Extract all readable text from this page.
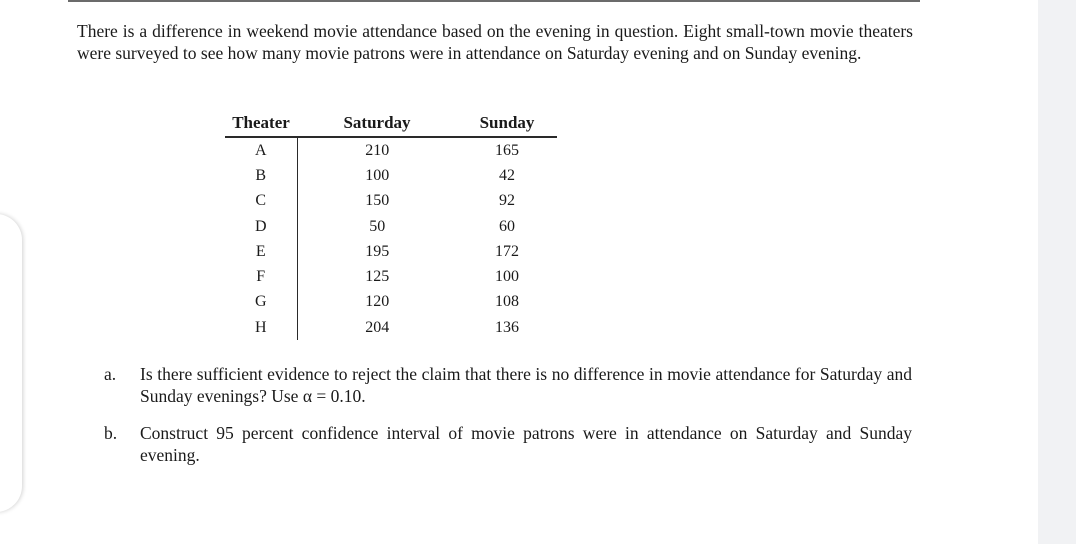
There is a difference in weekend movie attendance based on the evening in question. Eight small-town movie theaters were surveyed to see how many movie patrons were in attendance on Saturday evening and on Sunday evening.

Theater	Saturday	Sunday
A	210	165
B	100	42
C	150	92
D	50	60
E	195	172
F	125	100
G	120	108
H	204	136
a.	Is there sufficient evidence to reject the claim that there is no difference in movie attendance for Saturday and Sunday evenings? Use α = 0.10.
b.	Construct 95 percent confidence interval of movie patrons were in attendance on Saturday and Sunday evening.
